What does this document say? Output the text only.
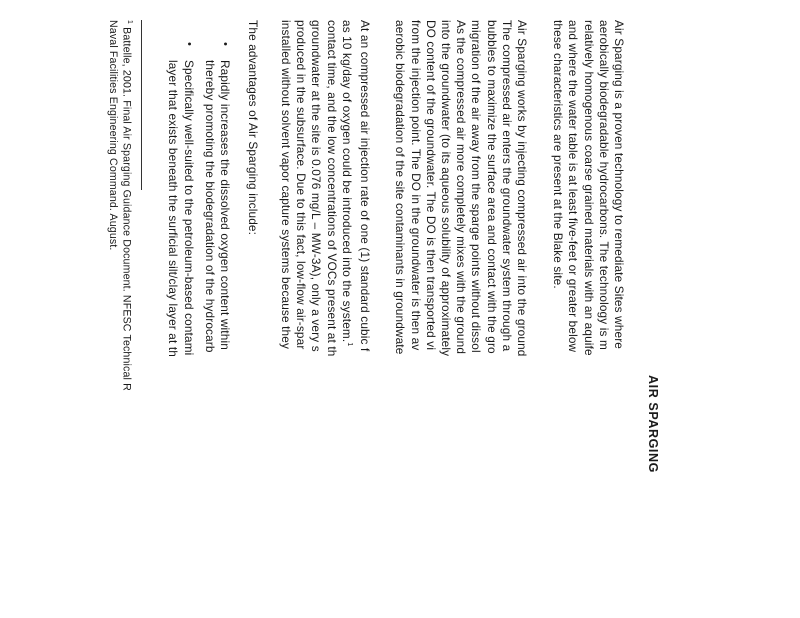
AIR SPARGING
Air Sparging is a proven technology to remediate Sites where
aerobically biodegradable hydrocarbons. The technology is m
relatively homogenous coarse grained materials with an aquife
and where the water table is at least five-feet or greater below
these characteristics are present at the Blake site.
Air Sparging works by injecting compressed air into the ground
The compressed air enters the groundwater system through a
bubbles to maximize the surface area and contact with the gro
migration of the air away from the sparge points without dissol
As the compressed air more completely mixes with the ground
into the groundwater (to its aqueous solubility of approximately
DO content of the groundwater. The DO is then transported vi
from the injection point. The DO in the groundwater is then av
aerobic biodegradation of the site contaminants in groundwate
At an compressed air injection rate of one (1) standard cubic f
as 10 kg/day of oxygen could be introduced into the system.$^1$
contact time, and the low concentrations of VOCs present at th
groundwater at the site is 0.076 mg/L – MW-3A), only a very s
produced in the subsurface. Due to this fact, low-flow air-spar
installed without solvent vapor capture systems because they
The advantages of Air Sparging include:
•
Rapidly increases the dissolved oxygen content within
thereby promoting the biodegradation of the hydrocarb
•
Specifically well-suited to the petroleum-based contami
layer that exists beneath the surficial silt/clay layer at th
$^1$ Battelle, 2001. Final Air Sparging Guidance Document. NFESC Technical R
Naval Facilities Engineering Command. August.
